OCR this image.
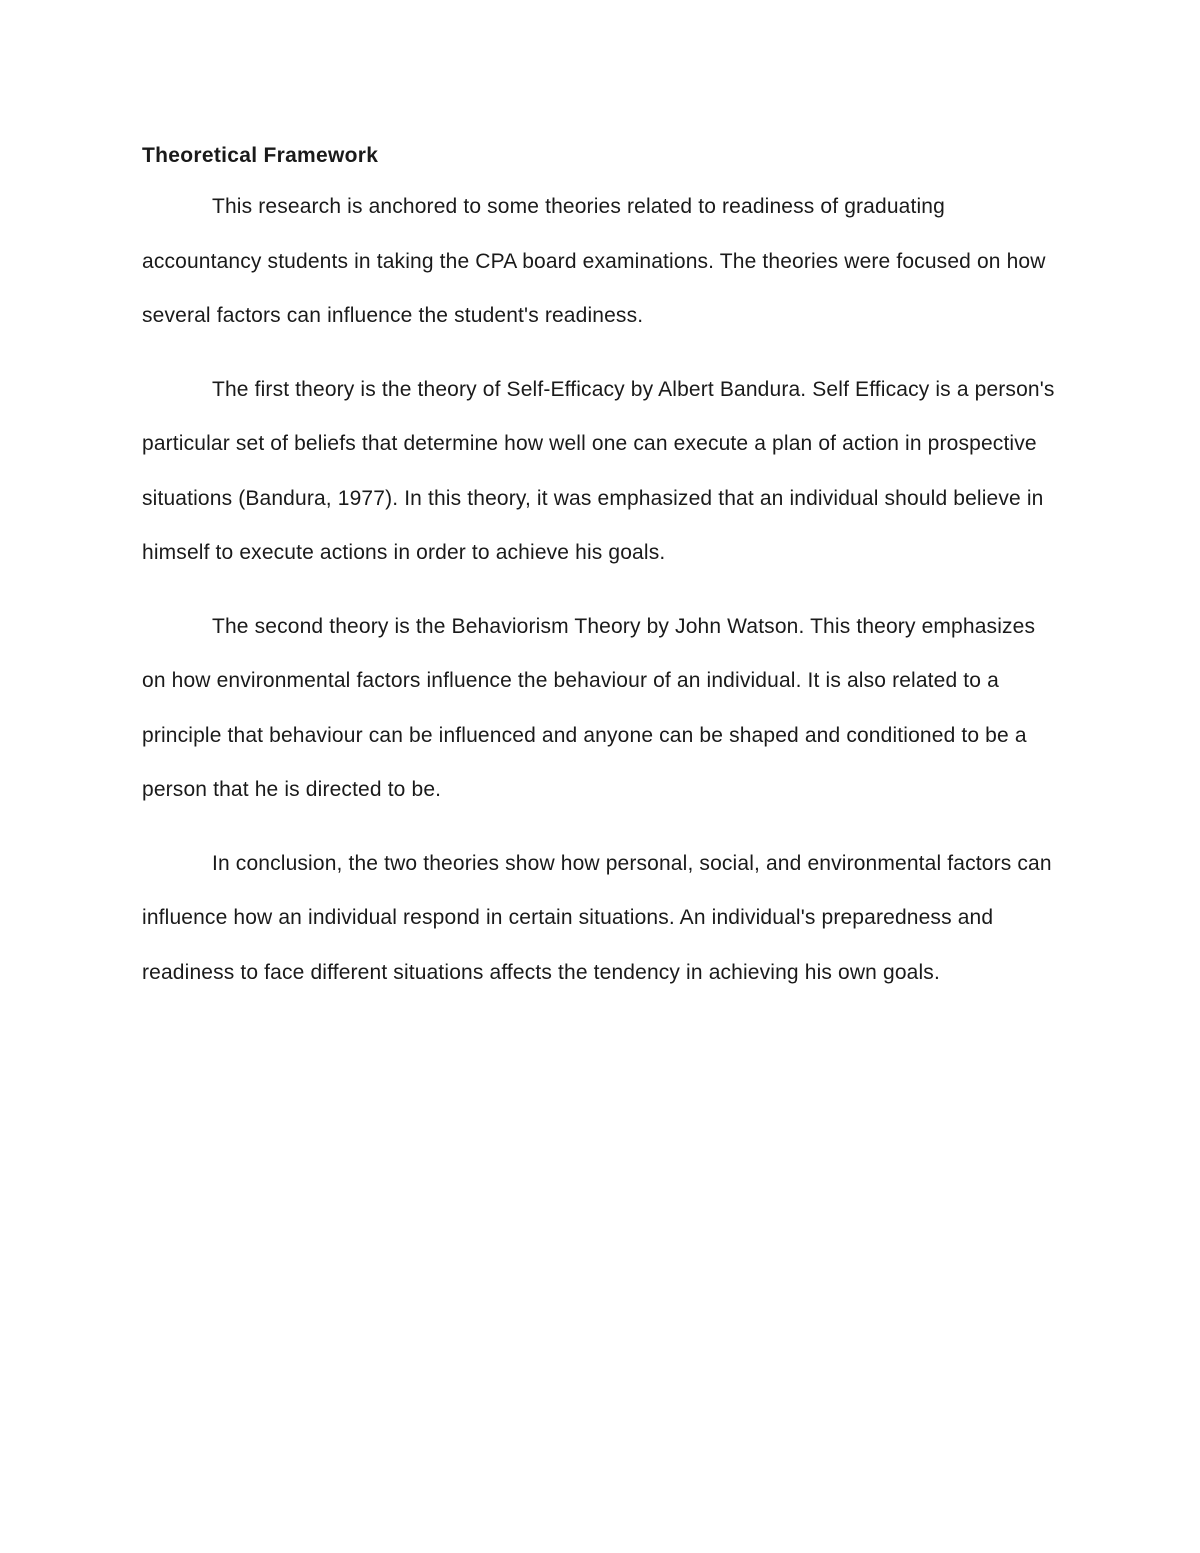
Theoretical Framework

This research is anchored to some theories related to readiness of graduating accountancy students in taking the CPA board examinations. The theories were focused on how several factors can influence the student's readiness.

The first theory is the theory of Self-Efficacy by Albert Bandura. Self Efficacy is a person's particular set of beliefs that determine how well one can execute a plan of action in prospective situations (Bandura, 1977). In this theory, it was emphasized that an individual should believe in himself to execute actions in order to achieve his goals.

The second theory is the Behaviorism Theory by John Watson. This theory emphasizes on how environmental factors influence the behaviour of an individual. It is also related to a principle that behaviour can be influenced and anyone can be shaped and conditioned to be a person that he is directed to be.

In conclusion, the two theories show how personal, social, and environmental factors can influence how an individual respond in certain situations. An individual's preparedness and readiness to face different situations affects the tendency in achieving his own goals.
